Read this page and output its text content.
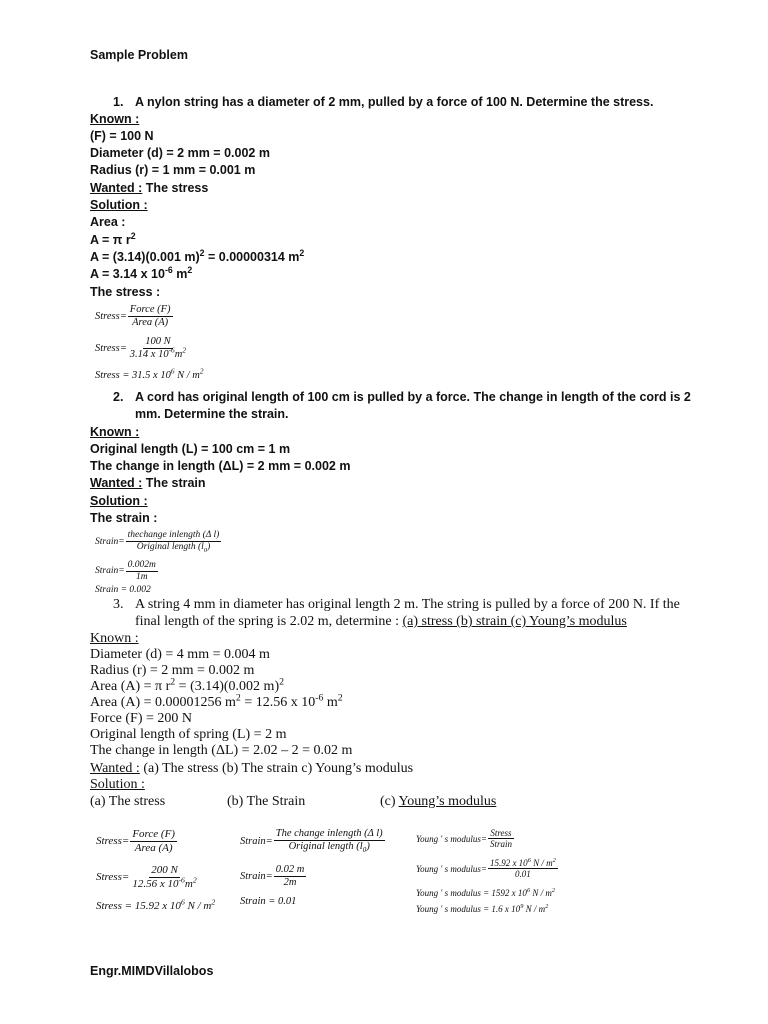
Sample Problem
1. A nylon string has a diameter of 2 mm, pulled by a force of 100 N. Determine the stress.
Known :
(F) = 100 N
Diameter (d) = 2 mm = 0.002 m
Radius (r) = 1 mm = 0.001 m
Wanted : The stress
Solution :
Area :
A = π $r^2$
A = (3.14)(0.001 m)$^2$ = 0.00000314 $m^2$
A = 3.14 x $10^{-6}$ $m^2$
The stress :
Stress = $\frac{\text{Force (F)}}{\text{Area (A)}}$
Stress = $\frac{100 N}{3.14 x 10^{-6}m^2}$
Stress = 31.5 x $10^6$ N / $m^2$
2. A cord has original length of 100 cm is pulled by a force. The change in length of the cord is 2
mm. Determine the strain.
Known :
Original length (L) = 100 cm = 1 m
The change in length (ΔL) = 2 mm = 0.002 m
Wanted : The strain
Solution :
The strain :
Strain = $\frac{\text{thechange inlength (Δ l)}}{Original length (l_0)}$
Strain = $\frac{0.002m}{1m}$
Strain = 0.002
3. A string 4 mm in diameter has original length 2 m. The string is pulled by a force of 200 N. If the
final length of the spring is 2.02 m, determine : (a) stress (b) strain (c) Young’s modulus
Known :
Diameter (d) = 4 mm = 0.004 m
Radius (r) = 2 mm = 0.002 m
Area (A) = π $r^2 = (3.14)(0.002$ m)$^2$
Area (A) = 0.00001256 $m^2 = 12.56$ x $10^{-6}$ $m^2$
Force (F) = 200 N
Original length of spring (L) = 2 m
The change in length (ΔL) = 2.02 – 2 = 0.02 m
Wanted : (a) The stress (b) The strain c) Young’s modulus
Solution :
(a) The stress	(b) The Strain	(c) Young’s modulus
Stress = $\frac{\text{Force (F)}}{\text{Area (A)}}$
Stress = $\frac{200 N}{12.56 x 10^{-6}m^2}$
Stress = 15.92 x $10^6$ N / $m^2$
Strain = $\frac{\text{The change inlength (Δ l)}}{Original length (l_0)}$
Strain = $\frac{0.02 m}{2m}$
Strain = 0.01
Young ' s modulus = $\frac{\text{Stress}}{\text{Strain}}$
Young ' s modulus = $\frac{15.92 x 10^6 N / m^2}{0.01}$
Young ' s modulus = 1592 x $10^6$ N / $m^2$
Young ' s modulus = 1.6 x $10^9$ N / $m^2$
Engr.MIMDVillalobos
